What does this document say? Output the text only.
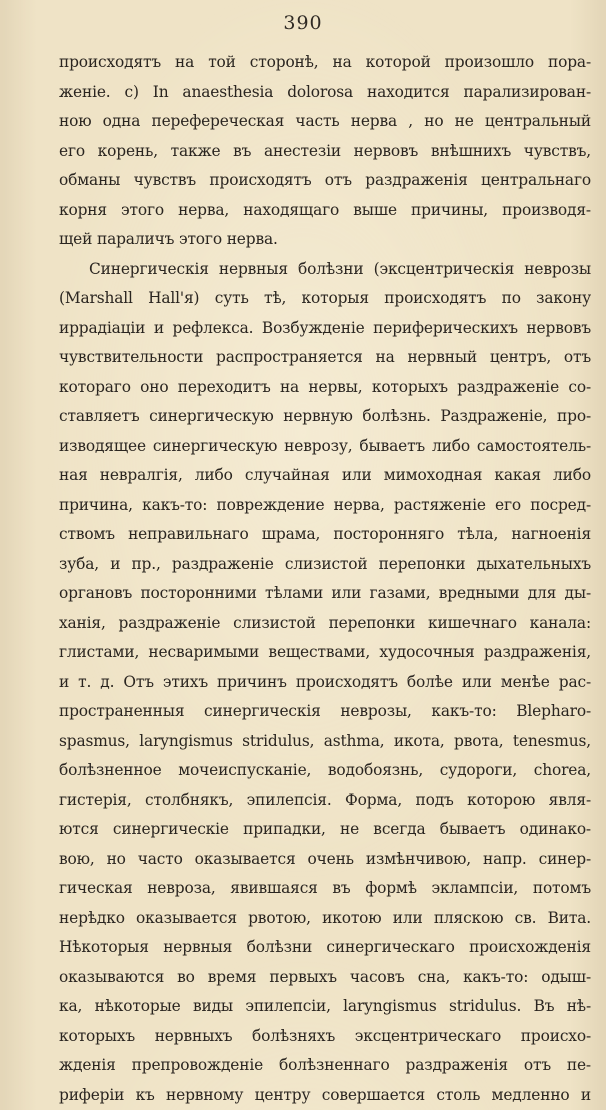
390
происходятъ на той сторонѣ, на которой произошло пора-
женіе. c) In anaesthesia dolorosa находится парализирован-
ною одна перефереческая часть нерва , но не центральный
его корень, также въ анестезіи нервовъ внѣшнихъ чувствъ,
обманы чувствъ происходятъ отъ раздраженія центральнаго
корня этого нерва, находящаго выше причины, производя-
щей параличъ этого нерва.
Синергическія нервныя болѣзни (эксцентрическія неврозы
(Marshall Hall'я) суть тѣ, которыя происходятъ по закону
иррадіаціи и рефлекса. Возбужденіе периферическихъ нервовъ
чувствительности распространяется на нервный центръ, отъ
котораго оно переходитъ на нервы, которыхъ раздраженіе со-
ставляетъ синергическую нервную болѣзнь. Раздраженіе, про-
изводящее синергическую неврозу, бываетъ либо самостоятель-
ная невралгія, либо случайная или мимоходная какая либо
причина, какъ-то: повреждение нерва, растяженіе его посред-
ствомъ неправильнаго шрама, посторонняго тѣла, нагноенія
зуба, и пр., раздраженіе слизистой перепонки дыхательныхъ
органовъ посторонними тѣлами или газами, вредными для ды-
ханія, раздраженіе слизистой перепонки кишечнаго канала:
глистами, несваримыми веществами, худосочныя раздраженія,
и т. д. Отъ этихъ причинъ происходятъ болѣе или менѣе рас-
пространенныя синергическія неврозы, какъ-то: Blepharo-
spasmus, laryngismus stridulus, asthma, икота, рвота, tenesmus,
болѣзненное мочеиспусканіе, водобоязнь, судороги, chorea,
гистерія, столбнякъ, эпилепсія. Форма, подъ которою явля-
ются синергическіе припадки, не всегда бываетъ одинако-
вою, но часто оказывается очень измѣнчивою, напр. синер-
гическая невроза, явившаяся въ формѣ эклампсіи, потомъ
нерѣдко оказывается рвотою, икотою или пляскою св. Вита.
Нѣкоторыя нервныя болѣзни синергическаго происхожденія
оказываются во время первыхъ часовъ сна, какъ-то: одыш-
ка, нѣкоторые виды эпилепсіи, laryngismus stridulus. Въ нѣ-
которыхъ нервныхъ болѣзняхъ эксцентрическаго происхо-
жденія препровожденіе болѣзненнаго раздраженія отъ пе-
рифеpіи къ нервному центру совершается столь медленно и
